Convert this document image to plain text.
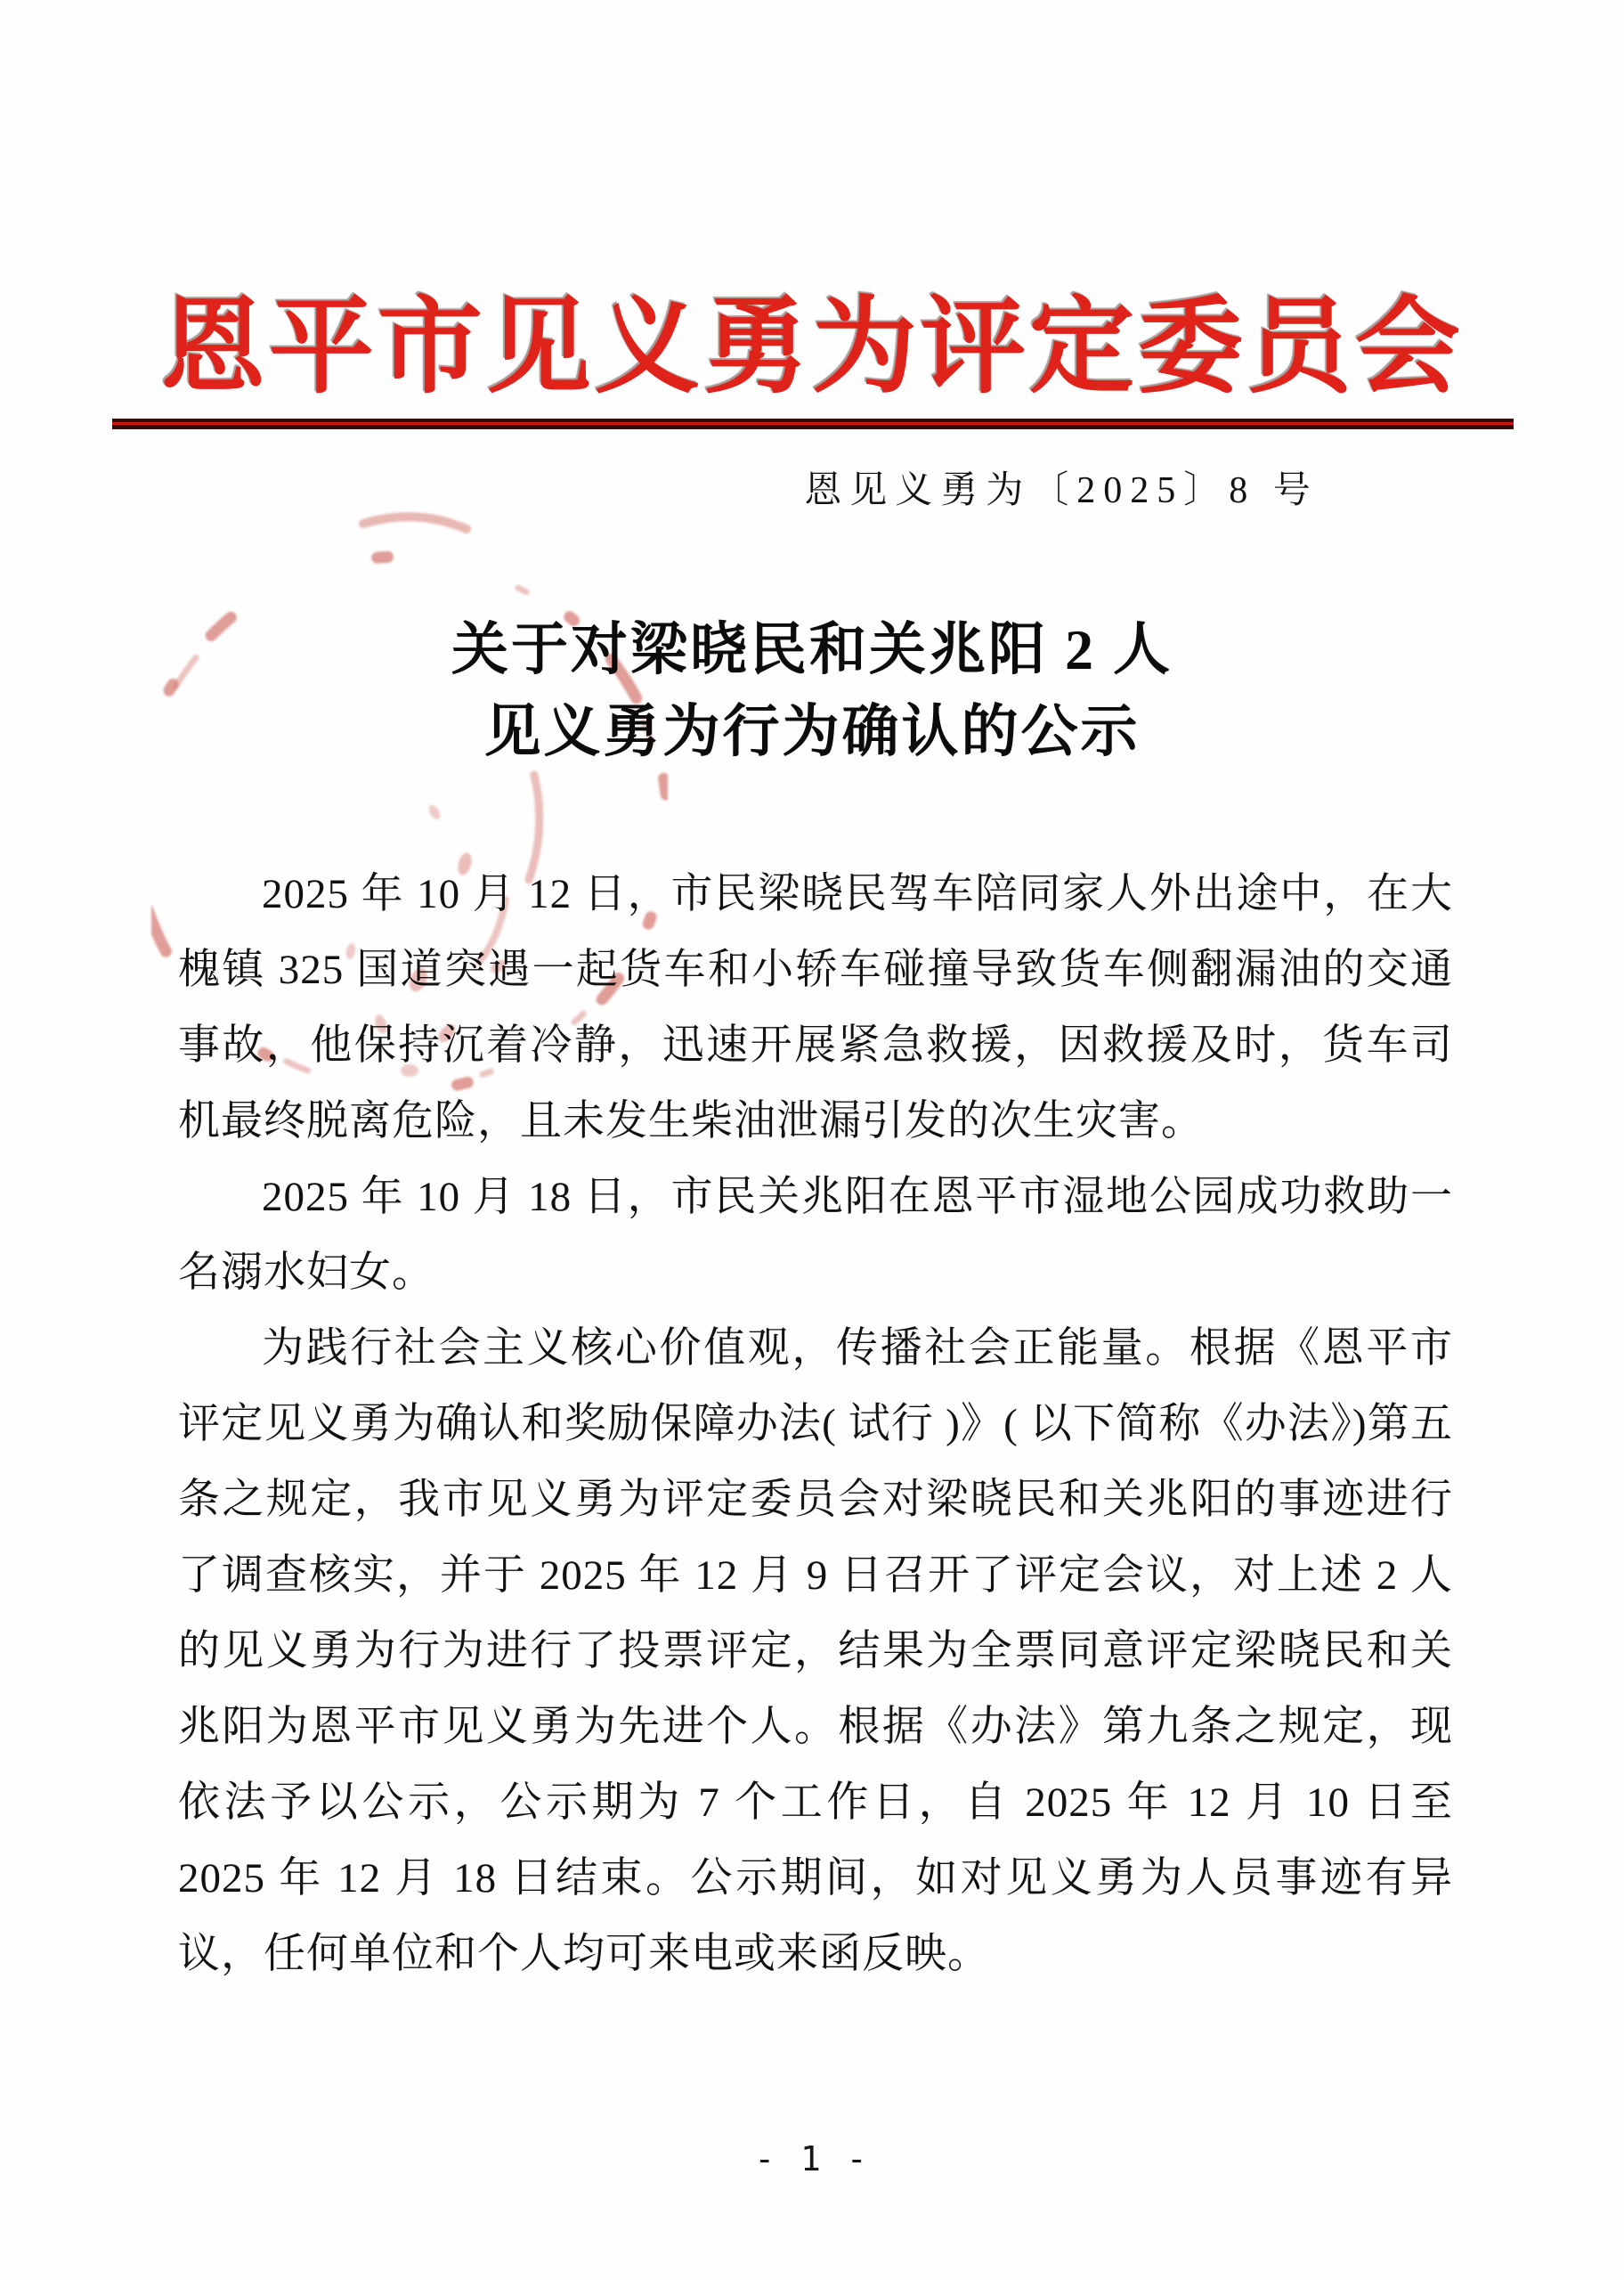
恩平市见义勇为评定委员会
恩见义勇为〔2025〕8 号
关于对梁晓民和关兆阳 2 人
见义勇为行为确认的公示

2025 年 10 月 12 日，市民梁晓民驾车陪同家人外出途中，在大槐镇 325 国道突遇一起货车和小轿车碰撞导致货车侧翻漏油的交通事故，他保持沉着冷静，迅速开展紧急救援，因救援及时，货车司机最终脱离危险，且未发生柴油泄漏引发的次生灾害。

2025 年 10 月 18 日，市民关兆阳在恩平市湿地公园成功救助一名溺水妇女。

为践行社会主义核心价值观，传播社会正能量。根据《恩平市评定见义勇为确认和奖励保障办法( 试行 )》( 以下简称《办法》)第五条之规定，我市见义勇为评定委员会对梁晓民和关兆阳的事迹进行了调查核实，并于 2025 年 12 月 9 日召开了评定会议，对上述 2 人的见义勇为行为进行了投票评定，结果为全票同意评定梁晓民和关兆阳为恩平市见义勇为先进个人。根据《办法》第九条之规定，现依法予以公示，公示期为 7 个工作日，自 2025 年 12 月 10 日至 2025 年 12 月 18 日结束。公示期间，如对见义勇为人员事迹有异议，任何单位和个人均可来电或来函反映。

- 1 -
